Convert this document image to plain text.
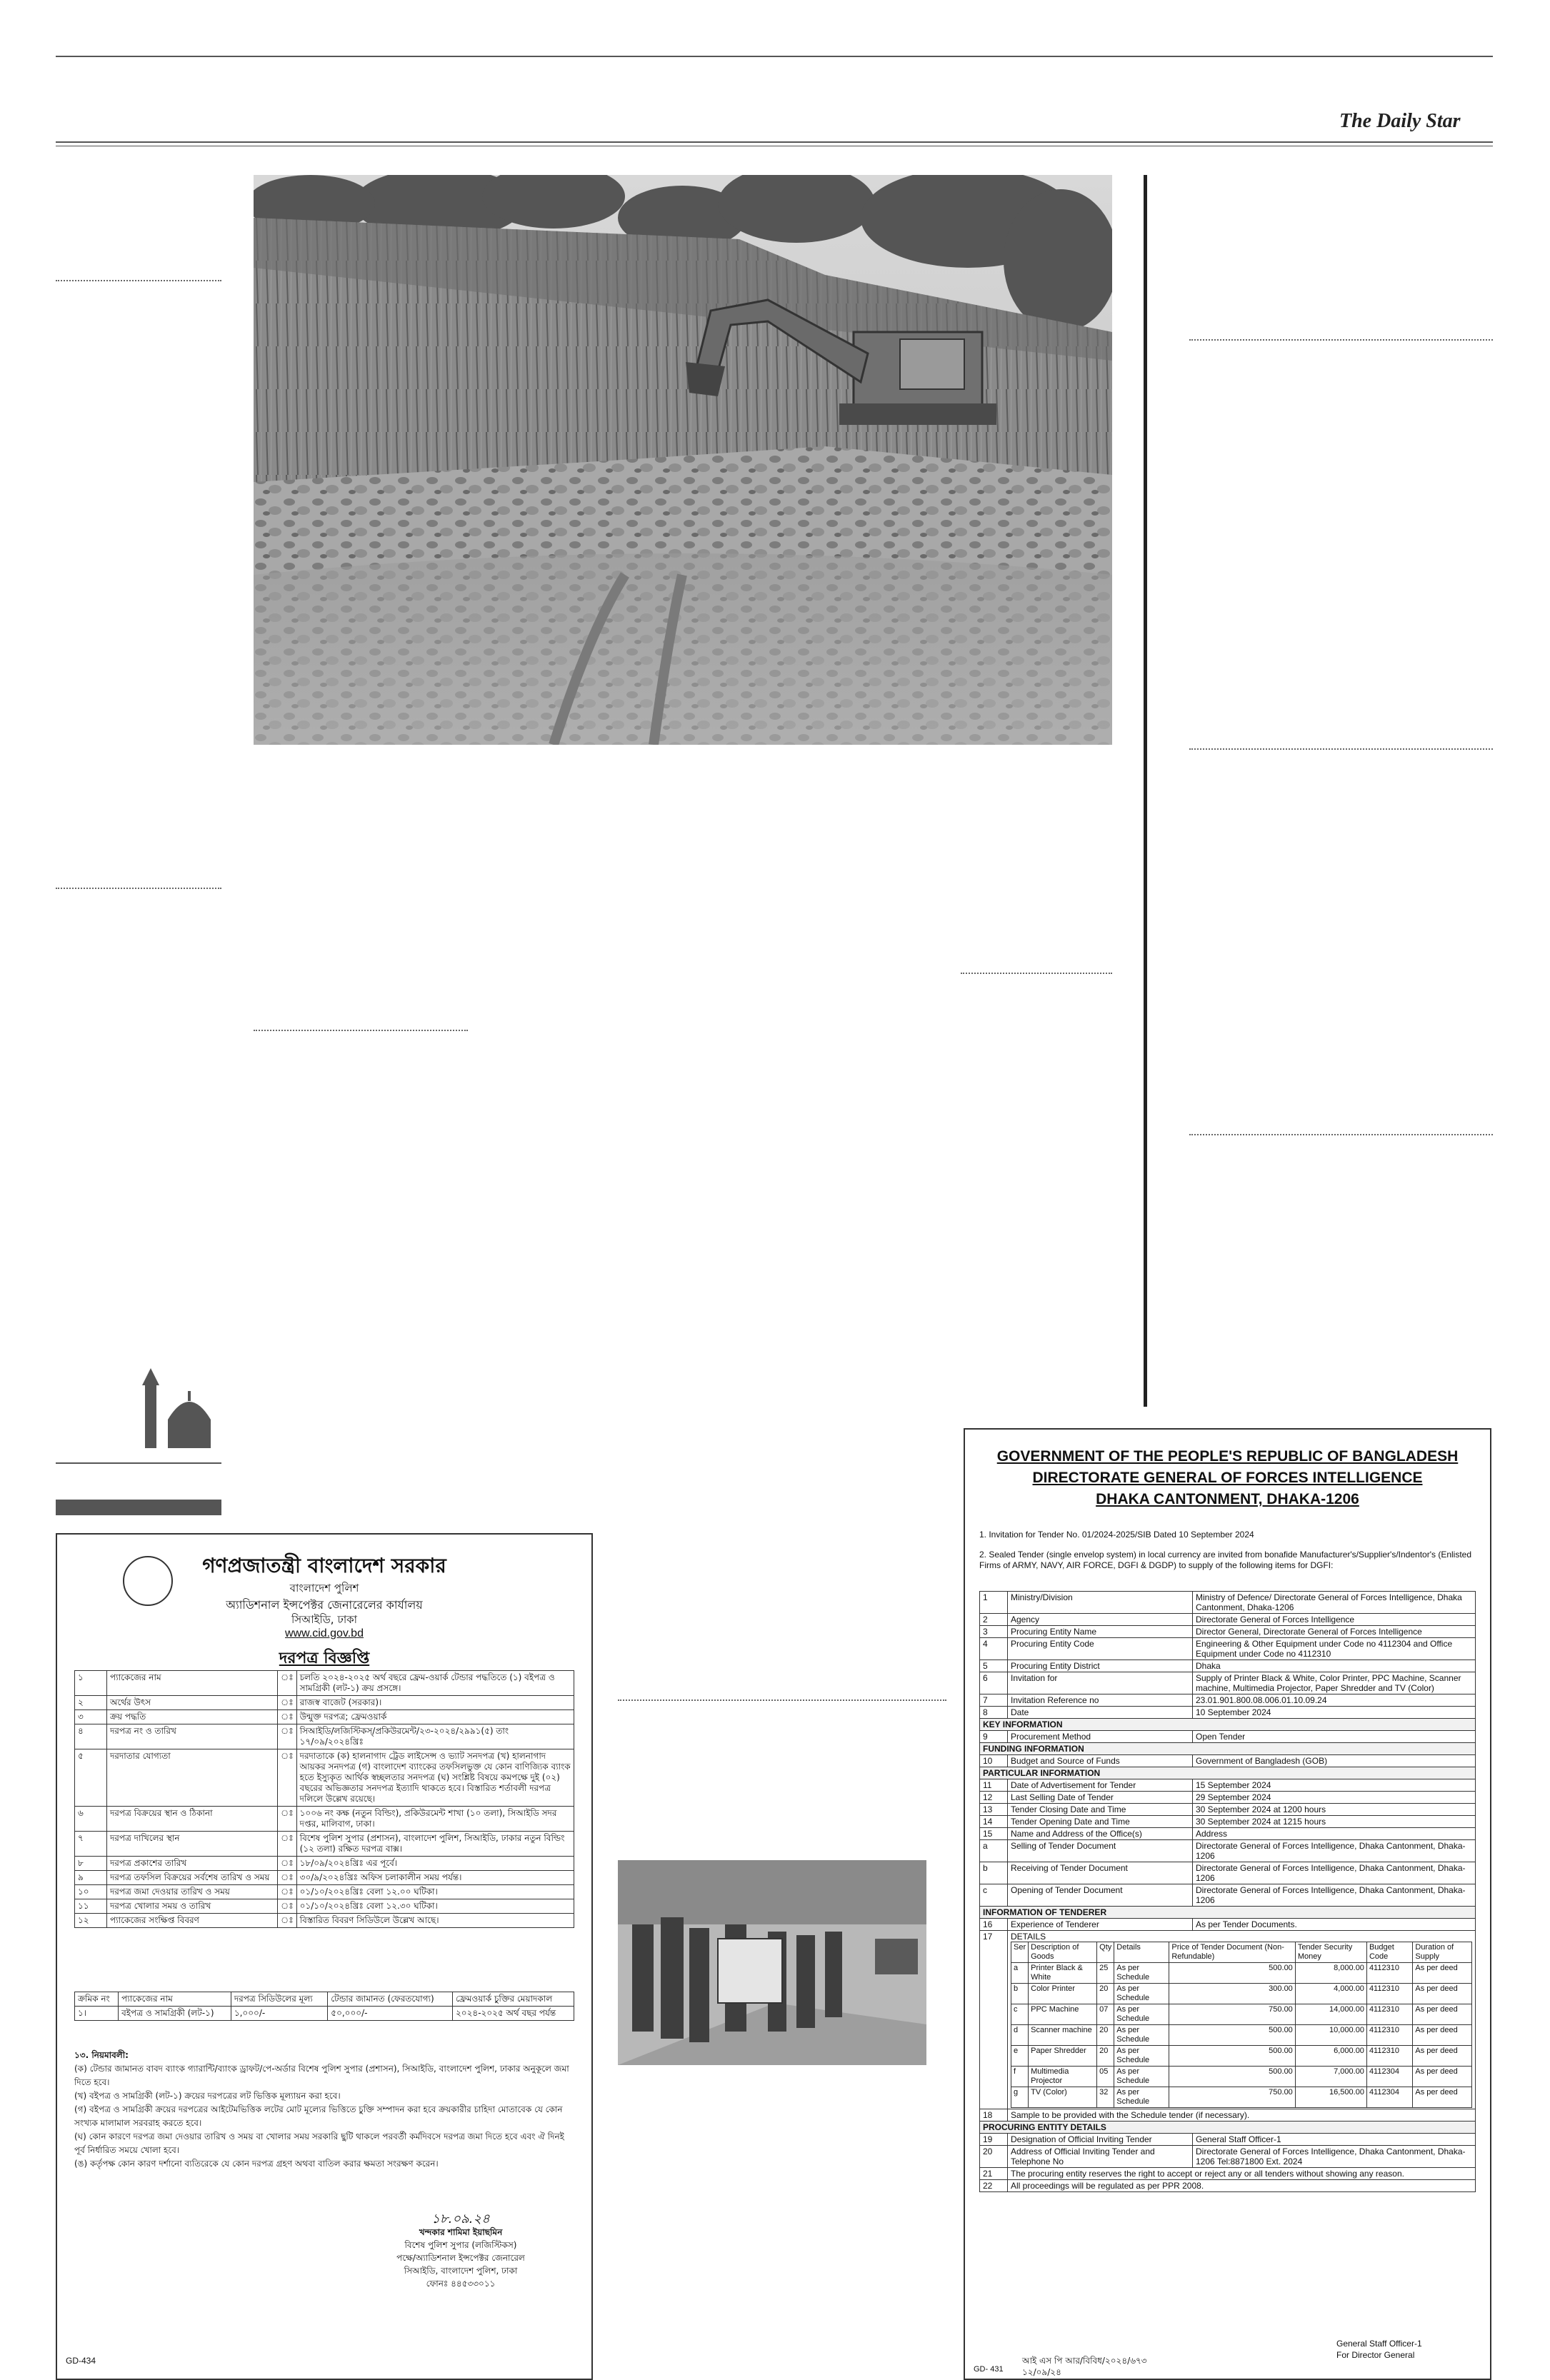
The Daily Star
গণপ্রজাতন্ত্রী বাংলাদেশ সরকার
বাংলাদেশ পুলিশ
অ্যাডিশনাল ইন্সপেক্টর জেনারেলের কার্যালয়
সিআইডি, ঢাকা
www.cid.gov.bd
দরপত্র বিজ্ঞপ্তি
১	প্যাকেজের নাম	ঃ	চলতি ২০২৪-২০২৫ অর্থ বছরে ফ্রেম-ওয়ার্ক টেন্ডার পদ্ধতিতে (১) বইপত্র ও সামগ্রিকী (লট-১) ক্রয় প্রসঙ্গে।
২	অর্থের উৎস	ঃ	রাজস্ব বাজেট (সরকার)।
৩	ক্রয় পদ্ধতি	ঃ	উন্মুক্ত দরপত্র; ফ্রেমওয়ার্ক
৪	দরপত্র নং ও তারিখ	ঃ	সিআইডি/লজিস্টিকস্/প্রকিউরমেন্ট/২৩-২০২৪/২৯৯১(৫) তাং ১৭/০৯/২০২৪খ্রিঃ
৫	দরদাতার যোগ্যতা	ঃ	দরদাতাকে (ক) হালনাগাদ ট্রেড লাইসেন্স ও ভ্যাট সনদপত্র (খ) হালনাগাদ আয়কর সনদপত্র (গ) বাংলাদেশ ব্যাংকের তফসিলভুক্ত যে কোন বাণিজ্যিক ব্যাংক হতে ইস্যুকৃত আর্থিক স্বচ্ছলতার সনদপত্র (ঘ) সংশ্লিষ্ট বিষয়ে কমপক্ষে দুই (০২) বছরের অভিজ্ঞতার সনদপত্র ইত্যাদি থাকতে হবে। বিস্তারিত শর্তাবলী দরপত্র দলিলে উল্লেখ রয়েছে।
৬	দরপত্র বিক্রয়ের স্থান ও ঠিকানা	ঃ	১০০৬ নং কক্ষ (নতুন বিল্ডিং), প্রকিউরমেন্ট শাখা (১০ তলা), সিআইডি সদর দপ্তর, মালিবাগ, ঢাকা।
৭	দরপত্র দাখিলের স্থান	ঃ	বিশেষ পুলিশ সুপার (প্রশাসন), বাংলাদেশ পুলিশ, সিআইডি, ঢাকার নতুন বিল্ডিং (১২ তলা) রক্ষিত দরপত্র বাক্স।
৮	দরপত্র প্রকাশের তারিখ	ঃ	১৮/০৯/২০২৪খ্রিঃ এর পূর্বে।
৯	দরপত্র তফসিল বিক্রয়ের সর্বশেষ তারিখ ও সময়	ঃ	৩০/৯/২০২৪খ্রিঃ অফিস চলাকালীন সময় পর্যন্ত।
১০	দরপত্র জমা দেওয়ার তারিখ ও সময়	ঃ	০১/১০/২০২৪খ্রিঃ বেলা ১২.০০ ঘটিকা।
১১	দরপত্র খোলার সময় ও তারিখ	ঃ	০১/১০/২০২৪খ্রিঃ বেলা ১২.৩০ ঘটিকা।
১২	প্যাকেজের সংক্ষিপ্ত বিবরণ	ঃ	বিস্তারিত বিবরণ সিডিউলে উল্লেখ আছে।
ক্রমিক নং	প্যাকেজের নাম	দরপত্র সিডিউলের মূল্য	টেন্ডার জামানত (ফেরতযোগ্য)	ফ্রেমওয়ার্ক চুক্তির মেয়াদকাল
১।	বইপত্র ও সামগ্রিকী (লট-১)	১,০০০/-	৫০,০০০/-	২০২৪-২০২৫ অর্থ বছর পর্যন্ত
১৩. নিয়মাবলী:
(ক) টেন্ডার জামানত বাবদ ব্যাংক গ্যারান্টি/ব্যাংক ড্রাফট/পে-অর্ডার বিশেষ পুলিশ সুপার (প্রশাসন), সিআইডি, বাংলাদেশ পুলিশ, ঢাকার অনুকূলে জমা দিতে হবে।
(খ) বইপত্র ও সামগ্রিকী (লট-১) ক্রয়ের দরপত্রের লট ভিত্তিক মূল্যায়ন করা হবে।
(গ) বইপত্র ও সামগ্রিকী ক্রয়ের দরপত্রের আইটেমভিত্তিক লটের মোট মূল্যের ভিত্তিতে চুক্তি সম্পাদন করা হবে ক্রয়কারীর চাহিদা মোতাবেক যে কোন সংখ্যক মালামাল সরবরাহ করতে হবে।
(ঘ) কোন কারণে দরপত্র জমা দেওয়ার তারিখ ও সময় বা খোলার সময় সরকারি ছুটি থাকলে পরবর্তী কর্মদিবসে দরপত্র জমা দিতে হবে এবং ঐ দিনই পূর্ব নির্ধারিত সময়ে খোলা হবে।
(ঙ) কর্তৃপক্ষ কোন কারণ দর্শানো ব্যতিরেকে যে কোন দরপত্র গ্রহণ অথবা বাতিল করার ক্ষমতা সংরক্ষণ করেন।
১৮.০৯.২৪
খন্দকার শামিমা ইয়াছমিন
বিশেষ পুলিশ সুপার (লজিস্টিকস)
পক্ষে/অ্যাডিশনাল ইন্সপেক্টর জেনারেল
সিআইডি, বাংলাদেশ পুলিশ, ঢাকা
ফোনঃ ৪৪৫৩৩০১১
GD-434
GOVERNMENT OF THE PEOPLE'S REPUBLIC OF BANGLADESH
DIRECTORATE GENERAL OF FORCES INTELLIGENCE
DHAKA CANTONMENT, DHAKA-1206
1. Invitation for Tender No. 01/2024-2025/SIB Dated 10 September 2024
2. Sealed Tender (single envelop system) in local currency are invited from bonafide Manufacturer's/Supplier's/Indentor's (Enlisted Firms of ARMY, NAVY, AIR FORCE, DGFI & DGDP) to supply of the following items for DGFI:
1	Ministry/Division	Ministry of Defence/ Directorate General of Forces Intelligence, Dhaka Cantonment, Dhaka-1206
2	Agency	Directorate General of Forces Intelligence
3	Procuring Entity Name	Director General, Directorate General of Forces Intelligence
4	Procuring Entity Code	Engineering & Other Equipment under Code no 4112304 and Office Equipment under Code no 4112310
5	Procuring Entity District	Dhaka
6	Invitation for	Supply of Printer Black & White, Color Printer, PPC Machine, Scanner machine, Multimedia Projector, Paper Shredder and TV (Color)
7	Invitation Reference no	23.01.901.800.08.006.01.10.09.24
8	Date	10 September 2024
KEY INFORMATION
9	Procurement Method	Open Tender
FUNDING INFORMATION
10	Budget and Source of Funds	Government of Bangladesh (GOB)
PARTICULAR INFORMATION
11	Date of Advertisement for Tender	15 September 2024
12	Last Selling Date of Tender	29 September 2024
13	Tender Closing Date and Time	30 September 2024 at 1200 hours
14	Tender Opening Date and Time	30 September 2024 at 1215 hours
15	Name and Address of the Office(s)	Address
a	Selling of Tender Document	Directorate General of Forces Intelligence, Dhaka Cantonment, Dhaka-1206
b	Receiving of Tender Document	Directorate General of Forces Intelligence, Dhaka Cantonment, Dhaka-1206
c	Opening of Tender Document	Directorate General of Forces Intelligence, Dhaka Cantonment, Dhaka-1206
INFORMATION OF TENDERER
16	Experience of Tenderer	As per Tender Documents.
17	DETAILS
Ser	Description of Goods	Qty	Details	Price of Tender Document (Non-Refundable)	Tender Security Money	Budget Code	Duration of Supply
a	Printer Black & White	25	As per Schedule	500.00	8,000.00	4112310	As per deed
b	Color Printer	20	As per Schedule	300.00	4,000.00	4112310	As per deed
c	PPC Machine	07	As per Schedule	750.00	14,000.00	4112310	As per deed
d	Scanner machine	20	As per Schedule	500.00	10,000.00	4112310	As per deed
e	Paper Shredder	20	As per Schedule	500.00	6,000.00	4112310	As per deed
f	Multimedia Projector	05	As per Schedule	500.00	7,000.00	4112304	As per deed
g	TV (Color)	32	As per Schedule	750.00	16,500.00	4112304	As per deed

18	Sample to be provided with the Schedule tender (if necessary).
PROCURING ENTITY DETAILS
19	Designation of Official Inviting Tender	General Staff Officer-1
20	Address of Official Inviting Tender and Telephone No	Directorate General of Forces Intelligence, Dhaka Cantonment, Dhaka-1206 Tel:8871800 Ext. 2024
21	The procuring entity reserves the right to accept or reject any or all tenders without showing any reason.
22	All proceedings will be regulated as per PPR 2008.
General Staff Officer-1
For Director General
আই এস পি আর/বিবিধ/২০২৪/৬৭৩
১২/০৯/২৪
GD- 431
